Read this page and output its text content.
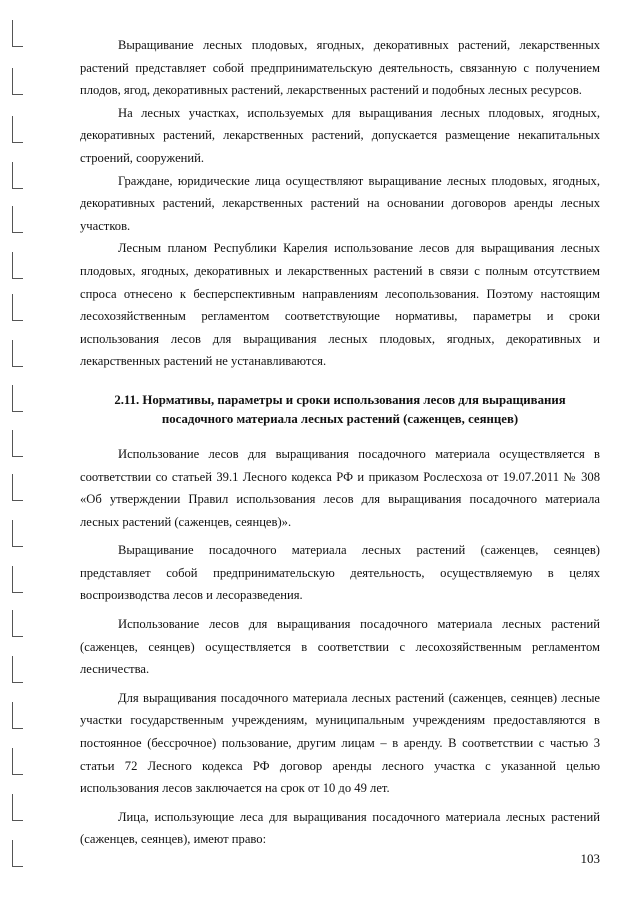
Выращивание лесных плодовых, ягодных, декоративных растений, лекарственных растений представляет собой предпринимательскую деятельность, связанную с получением плодов, ягод, декоративных растений, лекарственных растений и подобных лесных ресурсов.

На лесных участках, используемых для выращивания лесных плодовых, ягодных, декоративных растений, лекарственных растений, допускается размещение некапитальных строений, сооружений.

Граждане, юридические лица осуществляют выращивание лесных плодовых, ягодных, декоративных растений, лекарственных растений на основании договоров аренды лесных участков.

Лесным планом Республики Карелия использование лесов для выращивания лесных плодовых, ягодных, декоративных и лекарственных растений в связи с полным отсутствием спроса отнесено к бесперспективным направлениям лесопользования. Поэтому настоящим лесохозяйственным регламентом соответствующие нормативы, параметры и сроки использования лесов для выращивания лесных плодовых, ягодных, декоративных и лекарственных растений не устанавливаются.

2.11. Нормативы, параметры и сроки использования лесов для выращивания
посадочного материала лесных растений (саженцев, сеянцев)

Использование лесов для выращивания посадочного материала осуществляется в соответствии со статьей 39.1 Лесного кодекса РФ и приказом Рослесхоза от 19.07.2011 № 308 «Об утверждении Правил использования лесов для выращивания посадочного материала лесных растений (саженцев, сеянцев)».

Выращивание посадочного материала лесных растений (саженцев, сеянцев) представляет собой предпринимательскую деятельность, осуществляемую в целях воспроизводства лесов и лесоразведения.

Использование лесов для выращивания посадочного материала лесных растений (саженцев, сеянцев) осуществляется в соответствии с лесохозяйственным регламентом лесничества.

Для выращивания посадочного материала лесных растений (саженцев, сеянцев) лесные участки государственным учреждениям, муниципальным учреждениям предоставляются в постоянное (бессрочное) пользование, другим лицам – в аренду. В соответствии с частью 3 статьи 72 Лесного кодекса РФ договор аренды лесного участка с указанной целью использования лесов заключается на срок от 10 до 49 лет.

Лица, использующие леса для выращивания посадочного материала лесных растений (саженцев, сеянцев), имеют право:

103
